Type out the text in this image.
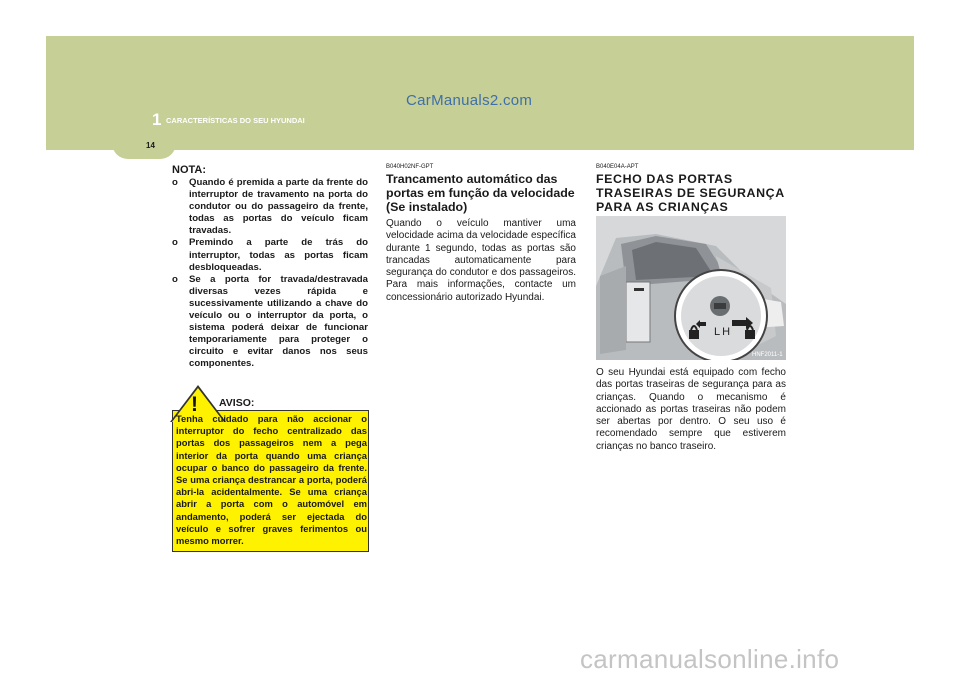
CarManuals2.com
1 CARACTERÍSTICAS DO SEU HYUNDAI
14
NOTA:
o Quando é premida a parte da frente do interruptor de travamento na porta do condutor ou do passageiro da frente, todas as portas do veículo ficam travadas.
o Premindo a parte de trás do interruptor, todas as portas ficam desbloqueadas.
o Se a porta for travada/destravada diversas vezes rápida e sucessivamente utilizando a chave do veículo ou o interruptor da porta, o sistema poderá deixar de funcionar temporariamente para proteger o circuito e evitar danos nos seus componentes.
! AVISO:
Tenha cuidado para não accionar o interruptor do fecho centralizado das portas dos passageiros nem a pega interior da porta quando uma criança ocupar o banco do passageiro da frente. Se uma criança destrancar a porta, poderá abri-la acidentalmente. Se uma criança abrir a porta com o automóvel em andamento, poderá ser ejectada do veículo e sofrer graves ferimentos ou mesmo morrer.
B040H02NF-GPT
Trancamento automático das portas em função da velocidade (Se instalado)

Quando o veículo mantiver uma velocidade acima da velocidade específica durante 1 segundo, todas as portas são trancadas automaticamente para segurança do condutor e dos passageiros. Para mais informações, contacte um concessionário autorizado Hyundai.

B040E04A-APT
FECHO DAS PORTAS TRASEIRAS DE SEGURANÇA PARA AS CRIANÇAS
LH
HNF2011-1

O seu Hyundai está equipado com fecho das portas traseiras de segurança para as crianças. Quando o mecanismo é accionado as portas traseiras não podem ser abertas por dentro. O seu uso é recomendado sempre que estiverem crianças no banco traseiro.

carmanualsonline.info
